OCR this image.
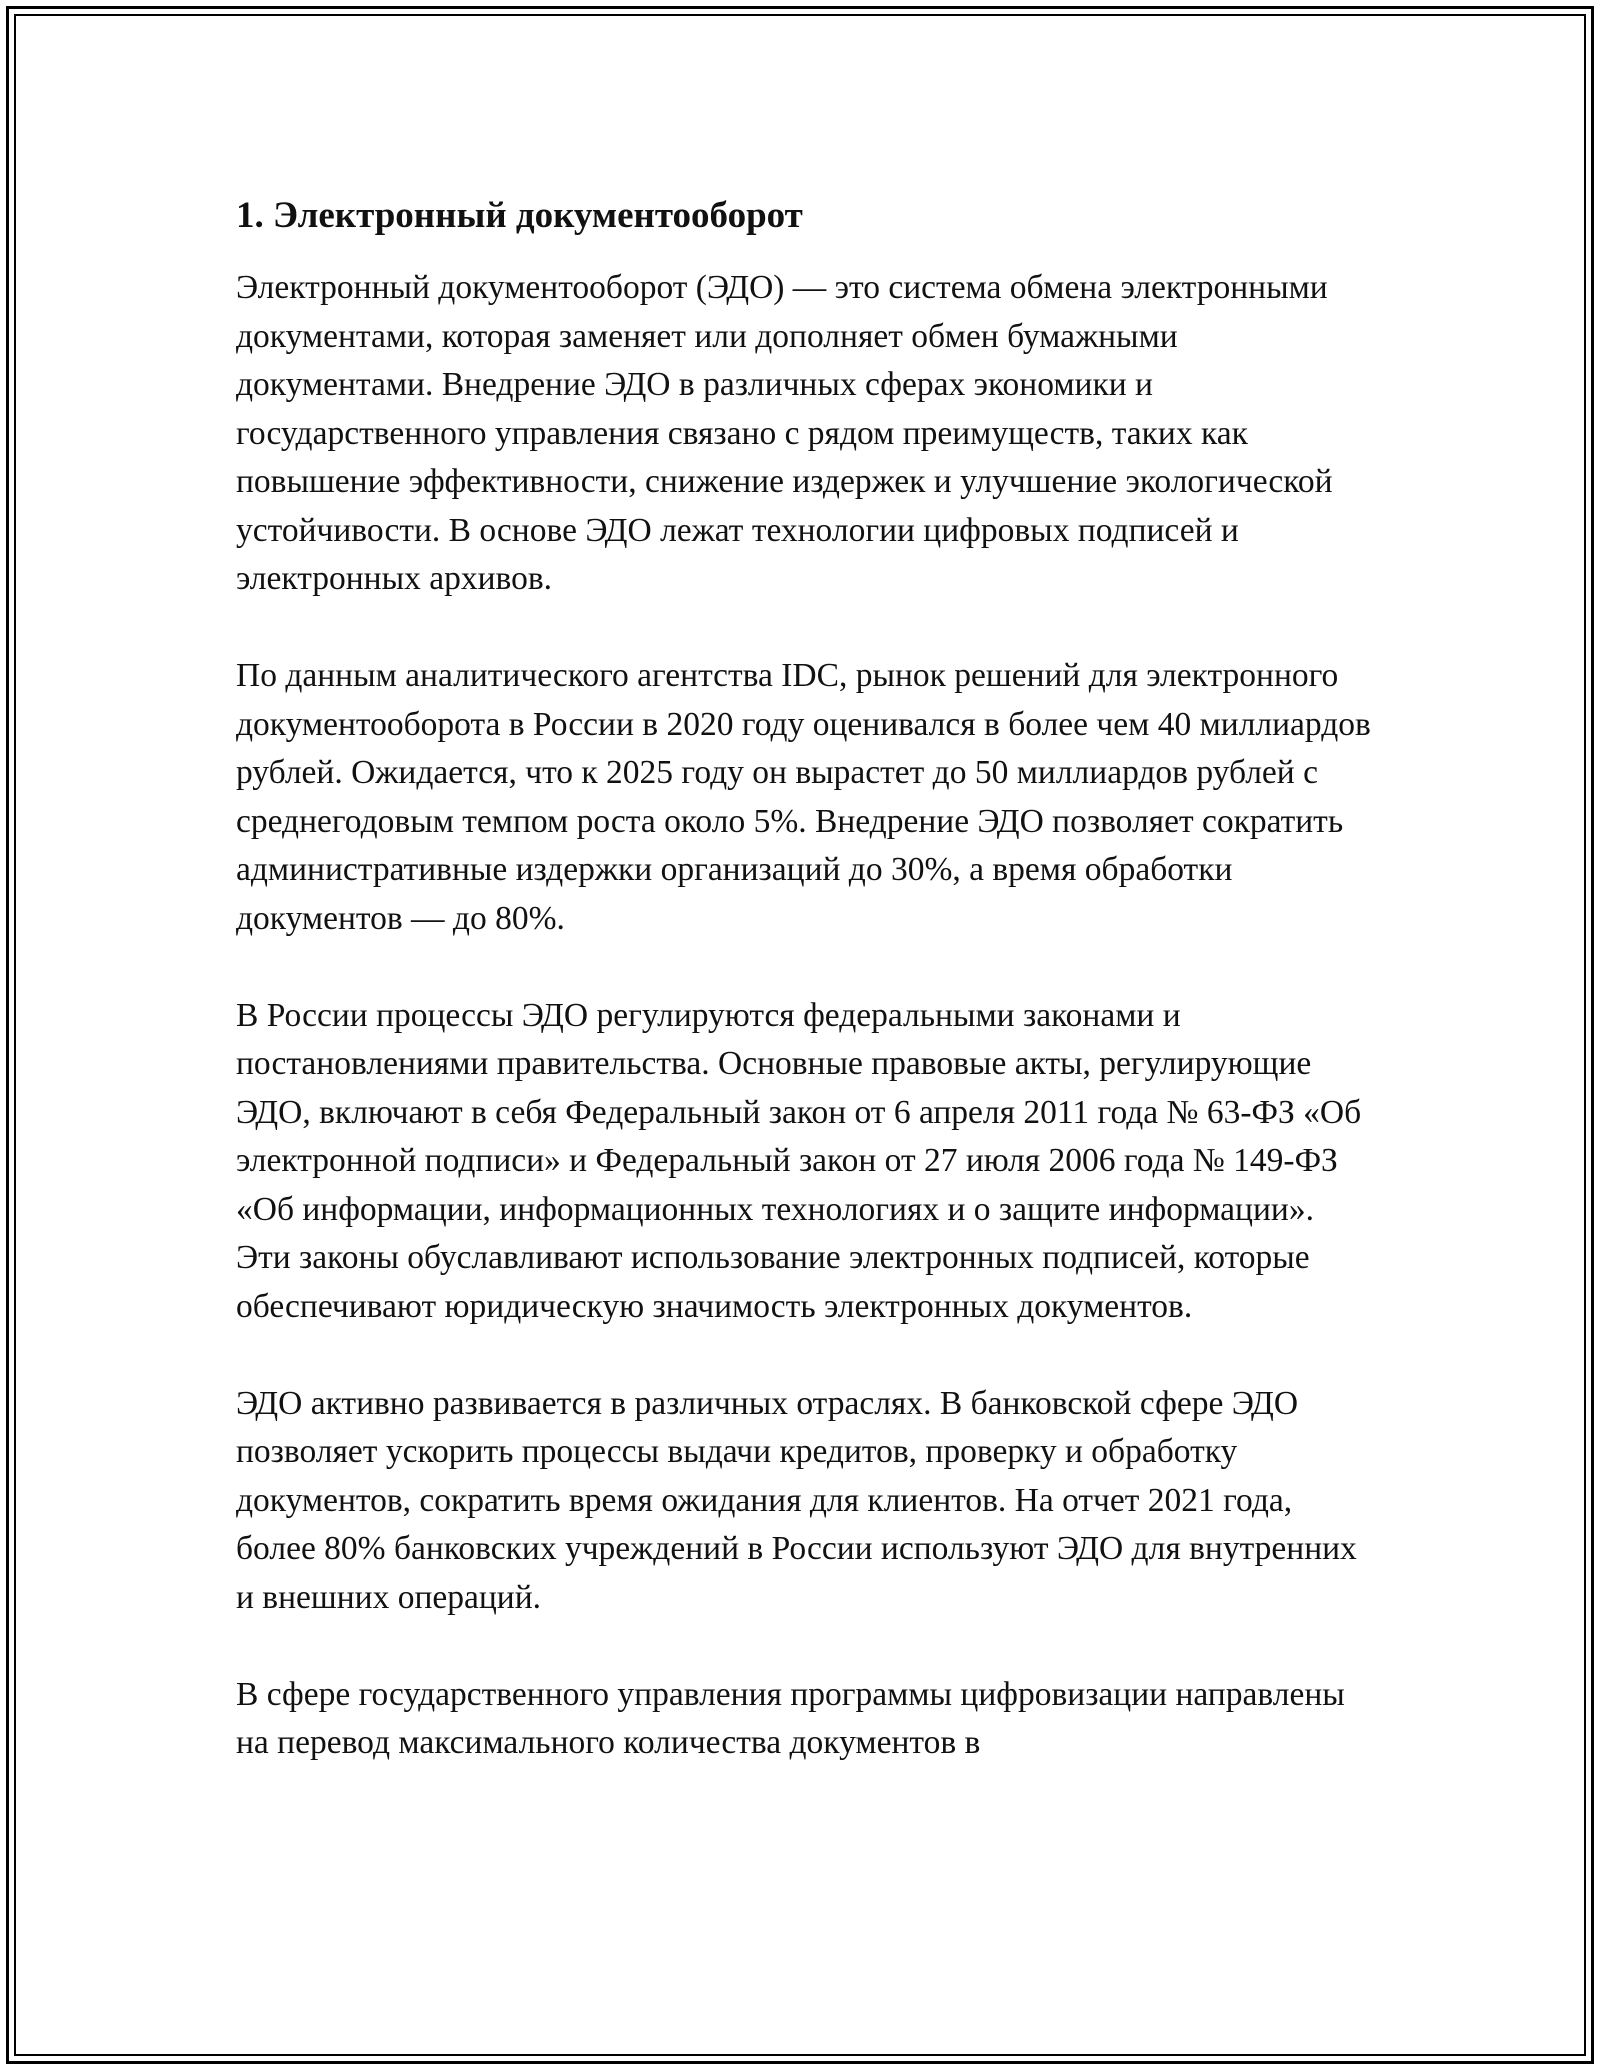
1. Электронный документооборот

Электронный документооборот (ЭДО) — это система обмена электронными документами, которая заменяет или дополняет обмен бумажными документами. Внедрение ЭДО в различных сферах экономики и государственного управления связано с рядом преимуществ, таких как повышение эффективности, снижение издержек и улучшение экологической устойчивости. В основе ЭДО лежат технологии цифровых подписей и электронных архивов.

По данным аналитического агентства IDC, рынок решений для электронного документооборота в России в 2020 году оценивался в более чем 40 миллиардов рублей. Ожидается, что к 2025 году он вырастет до 50 миллиардов рублей с среднегодовым темпом роста около 5%. Внедрение ЭДО позволяет сократить административные издержки организаций до 30%, а время обработки документов — до 80%.

В России процессы ЭДО регулируются федеральными законами и постановлениями правительства. Основные правовые акты, регулирующие ЭДО, включают в себя Федеральный закон от 6 апреля 2011 года № 63-ФЗ «Об электронной подписи» и Федеральный закон от 27 июля 2006 года № 149-ФЗ «Об информации, информационных технологиях и о защите информации». Эти законы обуславливают использование электронных подписей, которые обеспечивают юридическую значимость электронных документов.

ЭДО активно развивается в различных отраслях. В банковской сфере ЭДО позволяет ускорить процессы выдачи кредитов, проверку и обработку документов, сократить время ожидания для клиентов. На отчет 2021 года, более 80% банковских учреждений в России используют ЭДО для внутренних и внешних операций.

В сфере государственного управления программы цифровизации направлены на перевод максимального количества документов в
